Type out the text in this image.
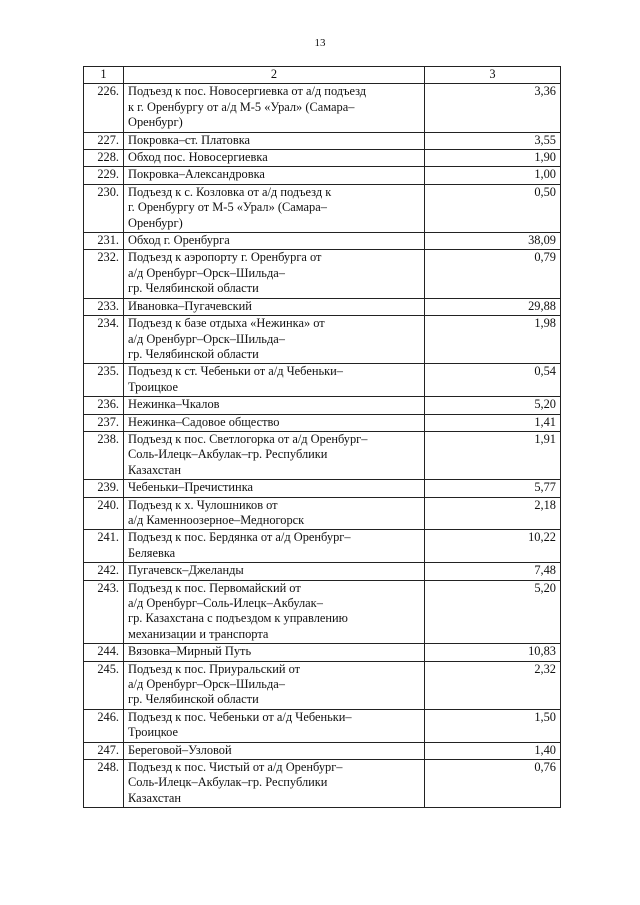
13
1	2	3
226.	Подъезд к пос. Новосергиевка от а/д подъезд
к г. Оренбургу от а/д М-5 «Урал» (Самара–
Оренбург)	3,36
227.	Покровка–ст. Платовка	3,55
228.	Обход пос. Новосергиевка	1,90
229.	Покровка–Александровка	1,00
230.	Подъезд к с. Козловка от а/д подъезд к
г. Оренбургу от М-5 «Урал» (Самара–
Оренбург)	0,50
231.	Обход г. Оренбурга	38,09
232.	Подъезд к аэропорту г. Оренбурга от
а/д Оренбург–Орск–Шильда–
гр. Челябинской области	0,79
233.	Ивановка–Пугачевский	29,88
234.	Подъезд к базе отдыха «Нежинка» от
а/д Оренбург–Орск–Шильда–
гр. Челябинской области	1,98
235.	Подъезд к ст. Чебеньки от а/д Чебеньки–
Троицкое	0,54
236.	Нежинка–Чкалов	5,20
237.	Нежинка–Садовое общество	1,41
238.	Подъезд к пос. Светлогорка от а/д Оренбург–
Соль-Илецк–Акбулак–гр. Республики
Казахстан	1,91
239.	Чебеньки–Пречистинка	5,77
240.	Подъезд к х. Чулошников от
а/д Каменноозерное–Медногорск	2,18
241.	Подъезд к пос. Бердянка от а/д Оренбург–
Беляевка	10,22
242.	Пугачевск–Джеланды	7,48
243.	Подъезд к пос. Первомайский от
а/д Оренбург–Соль-Илецк–Акбулак–
гр. Казахстана с подъездом к управлению
механизации и транспорта	5,20
244.	Вязовка–Мирный Путь	10,83
245.	Подъезд к пос. Приуральский от
а/д Оренбург–Орск–Шильда–
гр. Челябинской области	2,32
246.	Подъезд к пос. Чебеньки от а/д Чебеньки–
Троицкое	1,50
247.	Береговой–Узловой	1,40
248.	Подъезд к пос. Чистый от а/д Оренбург–
Соль-Илецк–Акбулак–гр. Республики
Казахстан	0,76
